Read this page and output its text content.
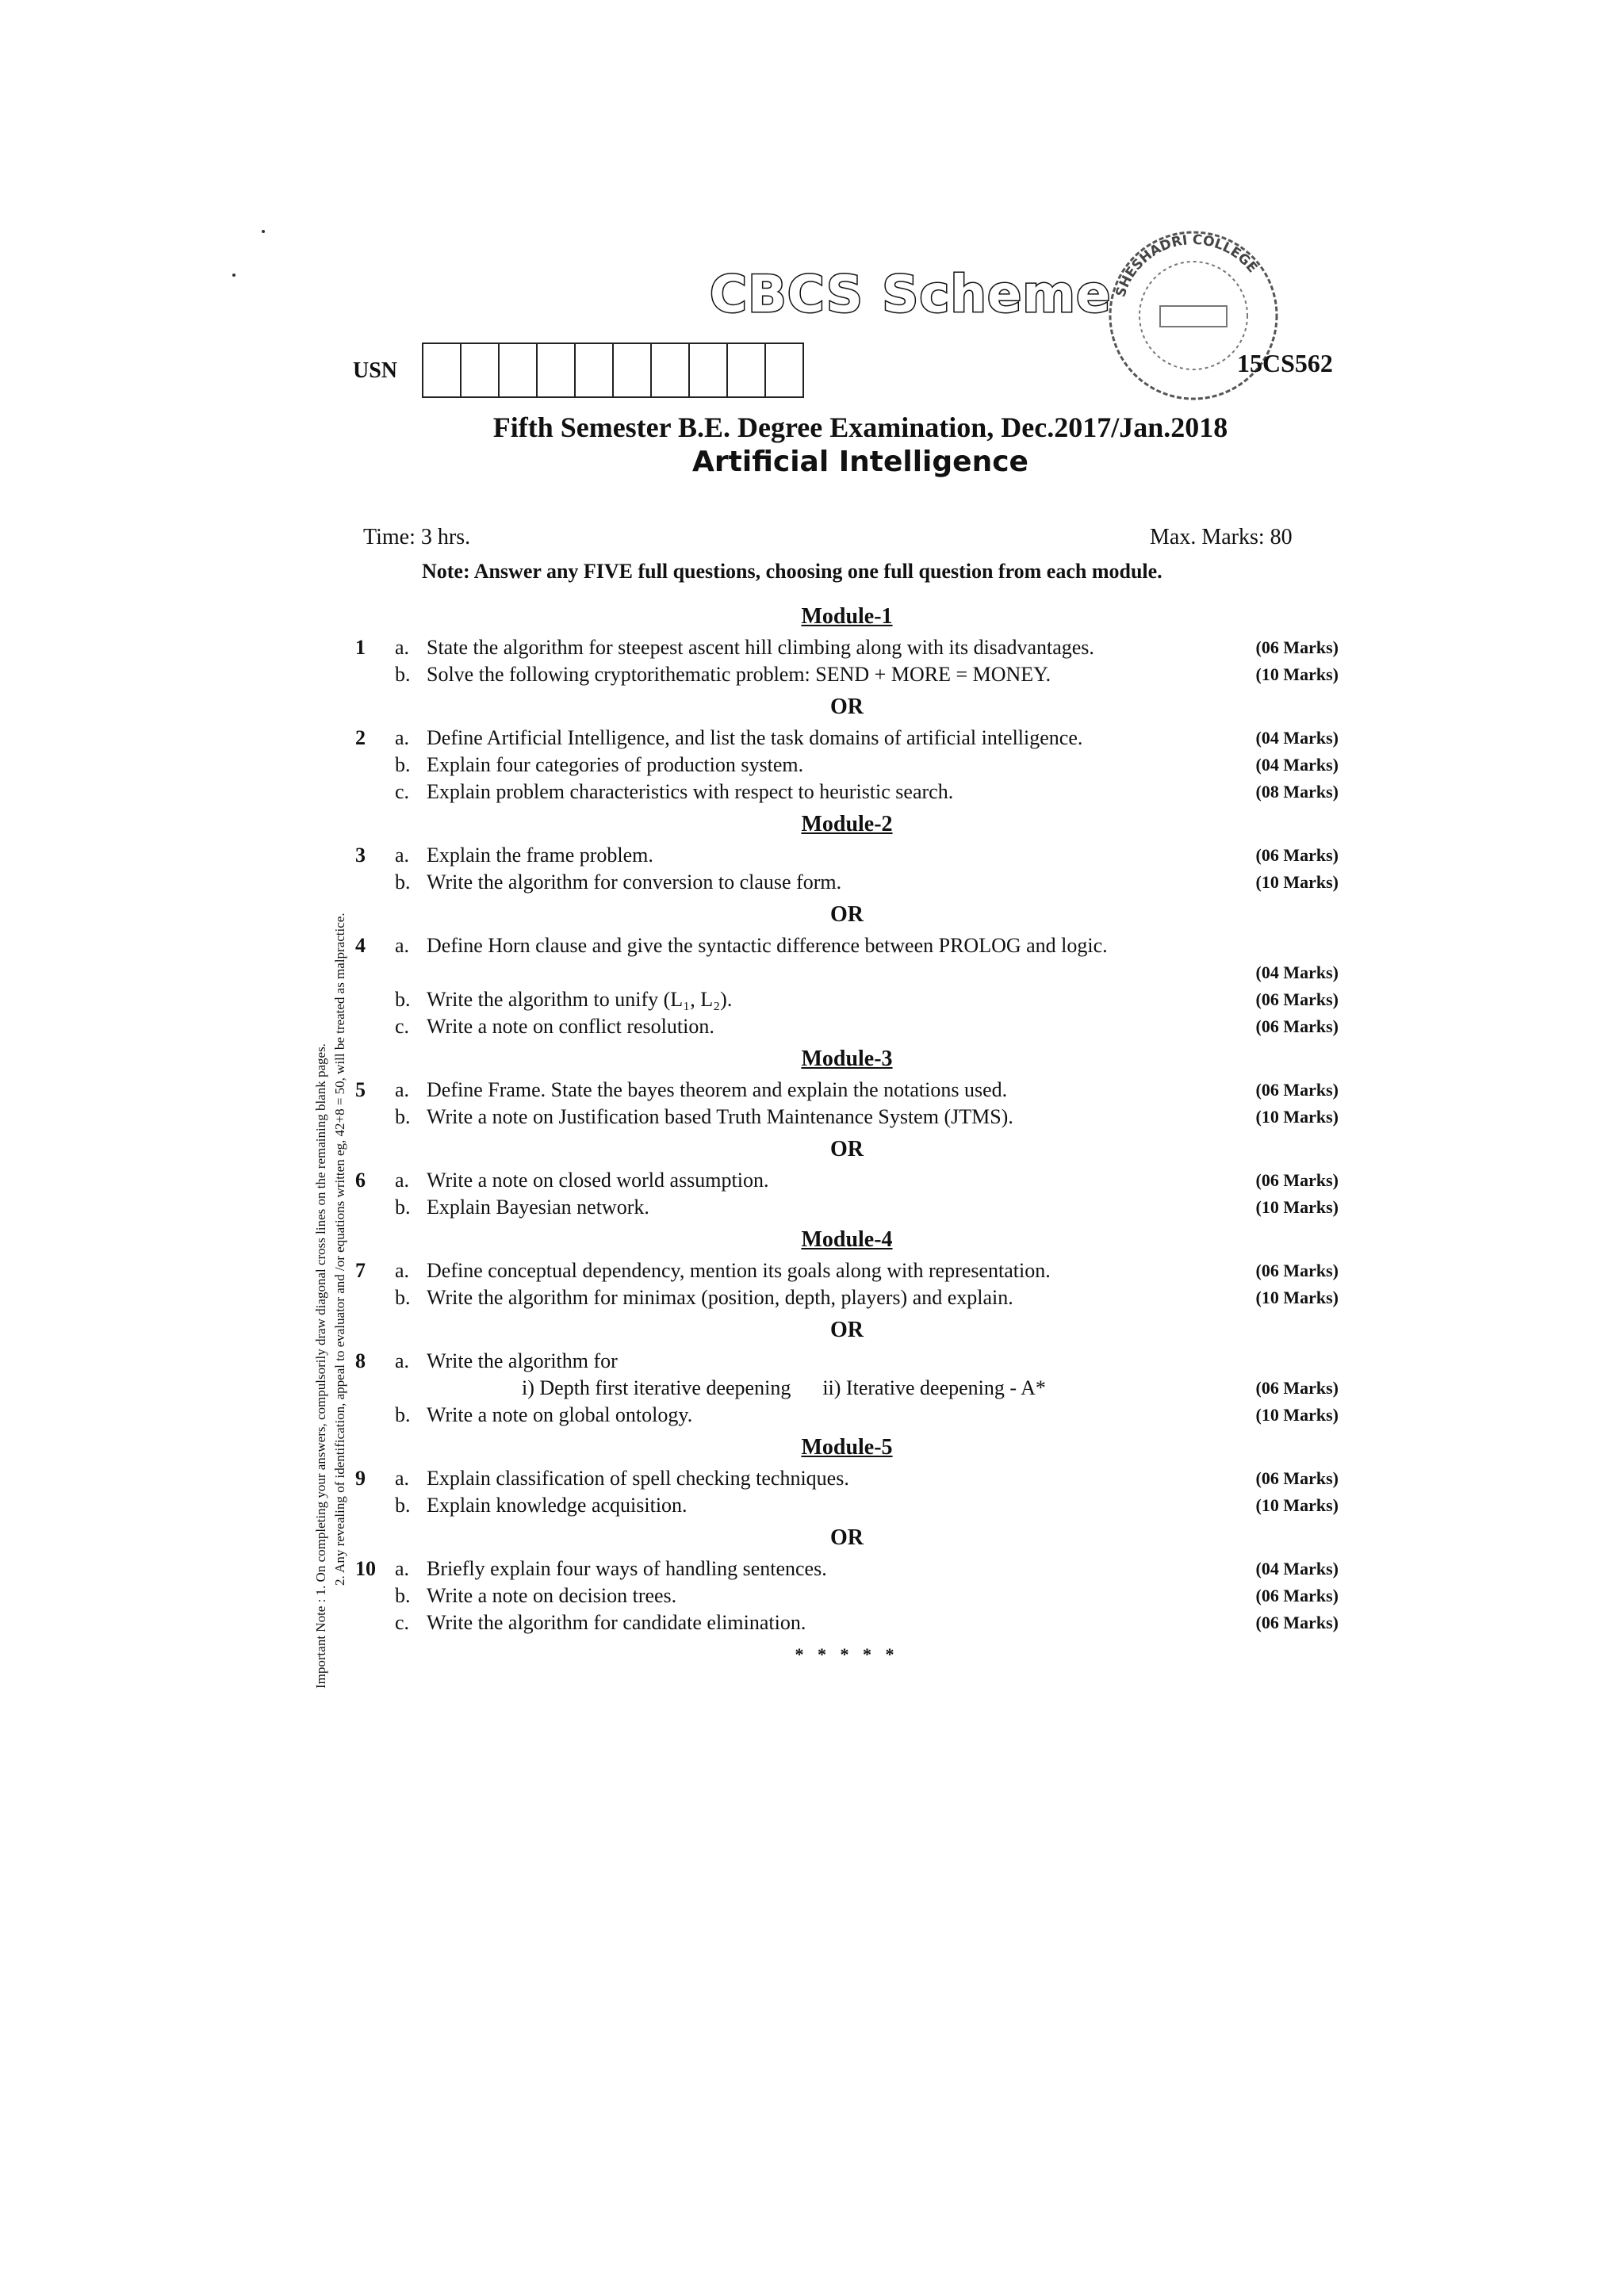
CBCS Scheme SHESHADRI COLLEGE
15CS562
USN
Fifth Semester B.E. Degree Examination, Dec.2017/Jan.2018
Artificial Intelligence
Time: 3 hrs.	Max. Marks: 80
Note: Answer any FIVE full questions, choosing one full question from each module.
Module-1
1	a. State the algorithm for steepest ascent hill climbing along with its disadvantages.	(06 Marks)
b. Solve the following cryptorithematic problem: SEND + MORE = MONEY.	(10 Marks)
OR
2	a. Define Artificial Intelligence, and list the task domains of artificial intelligence.	(04 Marks)
b. Explain four categories of production system.	(04 Marks)
c. Explain problem characteristics with respect to heuristic search.	(08 Marks)
Module-2
3	a. Explain the frame problem.	(06 Marks)
b. Write the algorithm for conversion to clause form.	(10 Marks)
OR
4	a. Define Horn clause and give the syntactic difference between PROLOG and logic.
(04 Marks)
b. Write the algorithm to unify (L₁, L₂).	(06 Marks)
c. Write a note on conflict resolution.	(06 Marks)
Module-3
5	a. Define Frame. State the bayes theorem and explain the notations used.	(06 Marks)
b. Write a note on Justification based Truth Maintenance System (JTMS).	(10 Marks)
OR
6	a. Write a note on closed world assumption.	(06 Marks)
b. Explain Bayesian network.	(10 Marks)
Module-4
7	a. Define conceptual dependency, mention its goals along with representation.	(06 Marks)
b. Write the algorithm for minimax (position, depth, players) and explain.	(10 Marks)
OR
8	a. Write the algorithm for
i) Depth first iterative deepening ii) Iterative deepening - A*	(06 Marks)
b. Write a note on global ontology.	(10 Marks)
Module-5
9	a. Explain classification of spell checking techniques.	(06 Marks)
b. Explain knowledge acquisition.	(10 Marks)
OR
10 a. Briefly explain four ways of handling sentences.	(04 Marks)
b. Write a note on decision trees.	(06 Marks)
c. Write the algorithm for candidate elimination.	(06 Marks)
* * * * *
Important Note : 1. On completing your answers, compulsorily draw diagonal cross lines on the remaining blank pages. 2. Any revealing of identification, appeal to evaluator and /or equations written eg, 42+8 = 50, will be treated as malpractice.
